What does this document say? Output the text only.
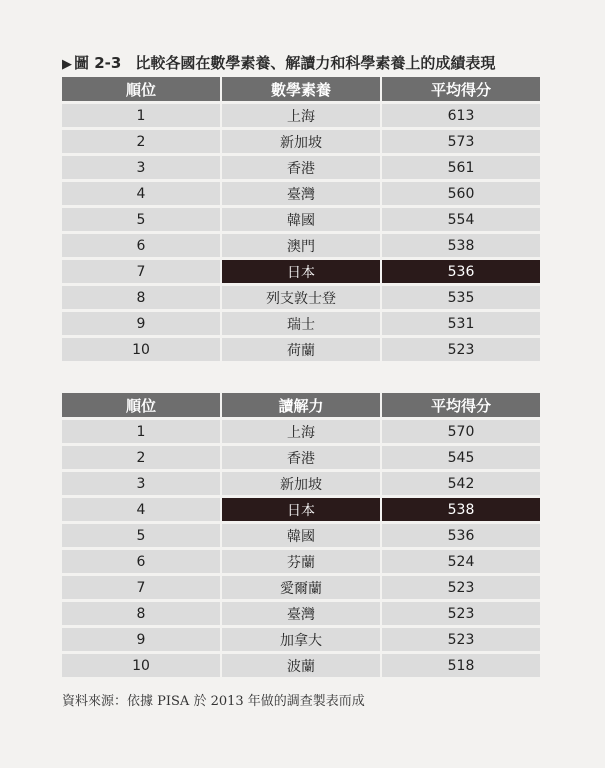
▶ 圖 2-3 比較各國在數學素養、解讀力和科學素養上的成績表現
順位	數學素養	平均得分
1	上海	613
2	新加坡	573
3	香港	561
4	臺灣	560
5	韓國	554
6	澳門	538
7	日本	536
8	列支敦士登	535
9	瑞士	531
10	荷蘭	523
順位	讀解力	平均得分
1	上海	570
2	香港	545
3	新加坡	542
4	日本	538
5	韓國	536
6	芬蘭	524
7	愛爾蘭	523
8	臺灣	523
9	加拿大	523
10	波蘭	518
資料來源：依據 PISA 於 2013 年做的調查製表而成
